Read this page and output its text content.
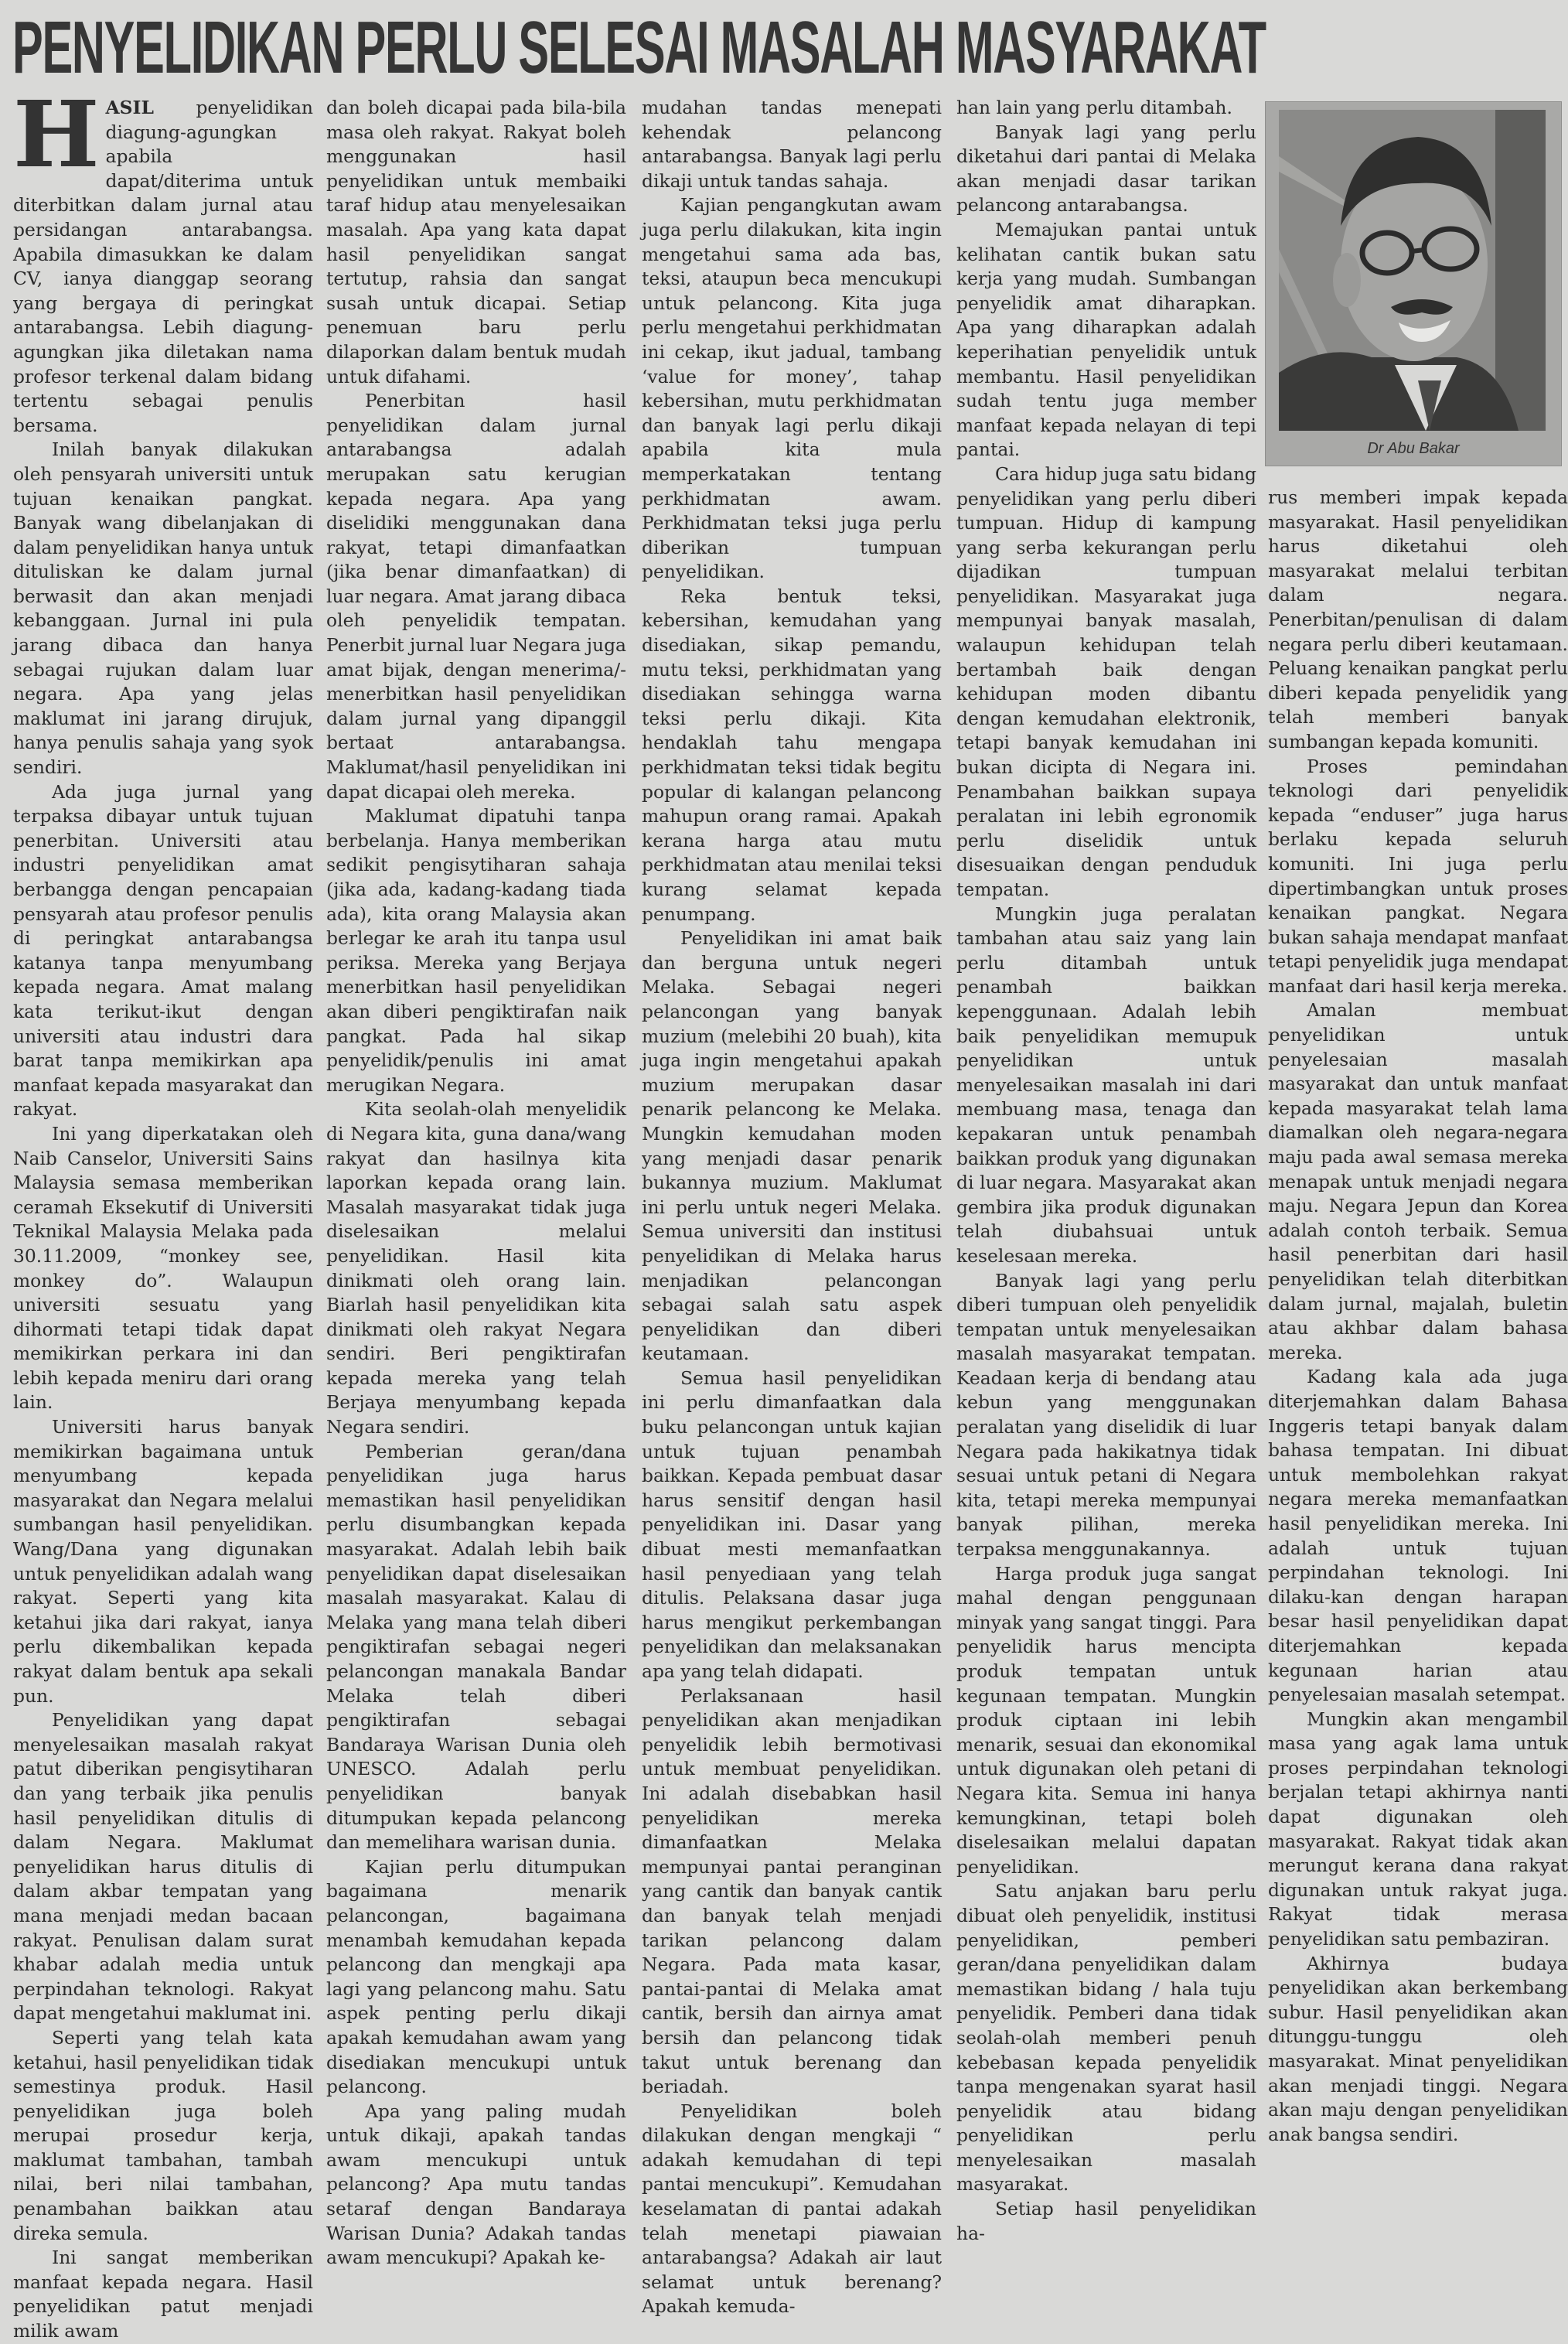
PENYELIDIKAN PERLU SELESAI MASALAH MASYARAKAT

HASIL penyelidikan diagung-agungkan apabila dapat/diterima untuk diterbitkan dalam jurnal atau persidangan antarabangsa. Apabila dimasukkan ke dalam CV, ianya dianggap seorang yang bergaya di peringkat antarabangsa. Lebih diagung-agungkan jika diletakan nama profesor terkenal dalam bidang tertentu sebagai penulis bersama.

Inilah banyak dilakukan oleh pensyarah universiti untuk tujuan kenaikan pangkat. Banyak wang dibelanjakan di dalam penyelidikan hanya untuk dituliskan ke dalam jurnal berwasit dan akan menjadi kebanggaan. Jurnal ini pula jarang dibaca dan hanya sebagai rujukan dalam luar negara. Apa yang jelas maklumat ini jarang dirujuk, hanya penulis sahaja yang syok sendiri.

Ada juga jurnal yang terpaksa dibayar untuk tujuan penerbitan. Universiti atau industri penyelidikan amat berbangga dengan pencapaian pensyarah atau profesor penulis di peringkat antarabangsa katanya tanpa menyumbang kepada negara. Amat malang kata terikut-ikut dengan universiti atau industri dara barat tanpa memikirkan apa manfaat kepada masyarakat dan rakyat.

Ini yang diperkatakan oleh Naib Canselor, Universiti Sains Malaysia semasa memberikan ceramah Eksekutif di Universiti Teknikal Malaysia Melaka pada 30.11.2009, “monkey see, monkey do”. Walaupun universiti sesuatu yang dihormati tetapi tidak dapat memikirkan perkara ini dan lebih kepada meniru dari orang lain.

Universiti harus banyak memikirkan bagaimana untuk menyumbang kepada masyarakat dan Negara melalui sumbangan hasil penyelidikan. Wang/Dana yang digunakan untuk penyelidikan adalah wang rakyat. Seperti yang kita ketahui jika dari rakyat, ianya perlu dikembalikan kepada rakyat dalam bentuk apa sekali pun.

Penyelidikan yang dapat menyelesaikan masalah rakyat patut diberikan pengisytiharan dan yang terbaik jika penulis hasil penyelidikan ditulis di dalam Negara. Maklumat penyelidikan harus ditulis di dalam akbar tempatan yang mana menjadi medan bacaan rakyat. Penulisan dalam surat khabar adalah media untuk perpindahan teknologi. Rakyat dapat mengetahui maklumat ini.

Seperti yang telah kata ketahui, hasil penyelidikan tidak semestinya produk. Hasil penyelidikan juga boleh merupai prosedur kerja, maklumat tambahan, tambah nilai, beri nilai tambahan, penambahan baikkan atau direka semula.

Ini sangat memberikan manfaat kepada negara. Hasil penyelidikan patut menjadi milik awam

dan boleh dicapai pada bila-bila masa oleh rakyat. Rakyat boleh menggunakan hasil penyelidikan untuk membaiki taraf hidup atau menyelesaikan masalah. Apa yang kata dapat hasil penyelidikan sangat tertutup, rahsia dan sangat susah untuk dicapai. Setiap penemuan baru perlu dilaporkan dalam bentuk mudah untuk difahami.

Penerbitan hasil penyelidikan dalam jurnal antarabangsa adalah merupakan satu kerugian kepada negara. Apa yang diselidiki menggunakan dana rakyat, tetapi dimanfaatkan (jika benar dimanfaatkan) di luar negara. Amat jarang dibaca oleh penyelidik tempatan. Penerbit jurnal luar Negara juga amat bijak, dengan menerima/-menerbitkan hasil penyelidikan dalam jurnal yang dipanggil bertaat antarabangsa. Maklumat/hasil penyelidikan ini dapat dicapai oleh mereka.

Maklumat dipatuhi tanpa berbelanja. Hanya memberikan sedikit pengisytiharan sahaja (jika ada, kadang-kadang tiada ada), kita orang Malaysia akan berlegar ke arah itu tanpa usul periksa. Mereka yang Berjaya menerbitkan hasil penyelidikan akan diberi pengiktirafan naik pangkat. Pada hal sikap penyelidik/penulis ini amat merugikan Negara.

Kita seolah-olah menyelidik di Negara kita, guna dana/wang rakyat dan hasilnya kita laporkan kepada orang lain. Masalah masyarakat tidak juga diselesaikan melalui penyelidikan. Hasil kita dinikmati oleh orang lain. Biarlah hasil penyelidikan kita dinikmati oleh rakyat Negara sendiri. Beri pengiktirafan kepada mereka yang telah Berjaya menyumbang kepada Negara sendiri.

Pemberian geran/dana penyelidikan juga harus memastikan hasil penyelidikan perlu disumbangkan kepada masyarakat. Adalah lebih baik penyelidikan dapat diselesaikan masalah masyarakat. Kalau di Melaka yang mana telah diberi pengiktirafan sebagai negeri pelancongan manakala Bandar Melaka telah diberi pengiktirafan sebagai Bandaraya Warisan Dunia oleh UNESCO. Adalah perlu penyelidikan banyak ditumpukan kepada pelancong dan memelihara warisan dunia.

Kajian perlu ditumpukan bagaimana menarik pelancongan, bagaimana menambah kemudahan kepada pelancong dan mengkaji apa lagi yang pelancong mahu. Satu aspek penting perlu dikaji apakah kemudahan awam yang disediakan mencukupi untuk pelancong.

Apa yang paling mudah untuk dikaji, apakah tandas awam mencukupi untuk pelancong? Apa mutu tandas setaraf dengan Bandaraya Warisan Dunia? Adakah tandas awam mencukupi? Apakah ke-

mudahan tandas menepati kehendak pelancong antarabangsa. Banyak lagi perlu dikaji untuk tandas sahaja.

Kajian pengangkutan awam juga perlu dilakukan, kita ingin mengetahui sama ada bas, teksi, ataupun beca mencukupi untuk pelancong. Kita juga perlu mengetahui perkhidmatan ini cekap, ikut jadual, tambang ‘value for money’, tahap kebersihan, mutu perkhidmatan dan banyak lagi perlu dikaji apabila kita mula memperkatakan tentang perkhidmatan awam. Perkhidmatan teksi juga perlu diberikan tumpuan penyelidikan.

Reka bentuk teksi, kebersihan, kemudahan yang disediakan, sikap pemandu, mutu teksi, perkhidmatan yang disediakan sehingga warna teksi perlu dikaji. Kita hendaklah tahu mengapa perkhidmatan teksi tidak begitu popular di kalangan pelancong mahupun orang ramai. Apakah kerana harga atau mutu perkhidmatan atau menilai teksi kurang selamat kepada penumpang.

Penyelidikan ini amat baik dan berguna untuk negeri Melaka. Sebagai negeri pelancongan yang banyak muzium (melebihi 20 buah), kita juga ingin mengetahui apakah muzium merupakan dasar penarik pelancong ke Melaka. Mungkin kemudahan moden yang menjadi dasar penarik bukannya muzium. Maklumat ini perlu untuk negeri Melaka. Semua universiti dan institusi penyelidikan di Melaka harus menjadikan pelancongan sebagai salah satu aspek penyelidikan dan diberi keutamaan.

Semua hasil penyelidikan ini perlu dimanfaatkan dala buku pelancongan untuk kajian untuk tujuan penambah baikkan. Kepada pembuat dasar harus sensitif dengan hasil penyelidikan ini. Dasar yang dibuat mesti memanfaatkan hasil penyediaan yang telah ditulis. Pelaksana dasar juga harus mengikut perkembangan penyelidikan dan melaksanakan apa yang telah didapati.

Perlaksanaan hasil penyelidikan akan menjadikan penyelidik lebih bermotivasi untuk membuat penyelidikan. Ini adalah disebabkan hasil penyelidikan mereka dimanfaatkan Melaka mempunyai pantai peranginan yang cantik dan banyak cantik dan banyak telah menjadi tarikan pelancong dalam Negara. Pada mata kasar, pantai-pantai di Melaka amat cantik, bersih dan airnya amat bersih dan pelancong tidak takut untuk berenang dan beriadah.

Penyelidikan boleh dilakukan dengan mengkaji “ adakah kemudahan di tepi pantai mencukupi”. Kemudahan keselamatan di pantai adakah telah menetapi piawaian antarabangsa? Adakah air laut selamat untuk berenang? Apakah kemuda-

han lain yang perlu ditambah.

Banyak lagi yang perlu diketahui dari pantai di Melaka akan menjadi dasar tarikan pelancong antarabangsa.

Memajukan pantai untuk kelihatan cantik bukan satu kerja yang mudah. Sumbangan penyelidik amat diharapkan. Apa yang diharapkan adalah keperihatian penyelidik untuk membantu. Hasil penyelidikan sudah tentu juga member manfaat kepada nelayan di tepi pantai.

Cara hidup juga satu bidang penyelidikan yang perlu diberi tumpuan. Hidup di kampung yang serba kekurangan perlu dijadikan tumpuan penyelidikan. Masyarakat juga mempunyai banyak masalah, walaupun kehidupan telah bertambah baik dengan kehidupan moden dibantu dengan kemudahan elektronik, tetapi banyak kemudahan ini bukan dicipta di Negara ini. Penambahan baikkan supaya peralatan ini lebih egronomik perlu diselidik untuk disesuaikan dengan penduduk tempatan.

Mungkin juga peralatan tambahan atau saiz yang lain perlu ditambah untuk penambah baikkan kepenggunaan. Adalah lebih baik penyelidikan memupuk penyelidikan untuk menyelesaikan masalah ini dari membuang masa, tenaga dan kepakaran untuk penambah baikkan produk yang digunakan di luar negara. Masyarakat akan gembira jika produk digunakan telah diubahsuai untuk keselesaan mereka.

Banyak lagi yang perlu diberi tumpuan oleh penyelidik tempatan untuk menyelesaikan masalah masyarakat tempatan. Keadaan kerja di bendang atau kebun yang menggunakan peralatan yang diselidik di luar Negara pada hakikatnya tidak sesuai untuk petani di Negara kita, tetapi mereka mempunyai banyak pilihan, mereka terpaksa menggunakannya.

Harga produk juga sangat mahal dengan penggunaan minyak yang sangat tinggi. Para penyelidik harus mencipta produk tempatan untuk kegunaan tempatan. Mungkin produk ciptaan ini lebih menarik, sesuai dan ekonomikal untuk digunakan oleh petani di Negara kita. Semua ini hanya kemungkinan, tetapi boleh diselesaikan melalui dapatan penyelidikan.

Satu anjakan baru perlu dibuat oleh penyelidik, institusi penyelidikan, pemberi geran/dana penyelidikan dalam memastikan bidang / hala tuju penyelidik. Pemberi dana tidak seolah-olah memberi penuh kebebasan kepada penyelidik tanpa mengenakan syarat hasil penyelidik atau bidang penyelidikan perlu menyelesaikan masalah masyarakat.

Setiap hasil penyelidikan ha-

Dr Abu Bakar

rus memberi impak kepada masyarakat. Hasil penyelidikan harus diketahui oleh masyarakat melalui terbitan dalam negara. Penerbitan/penulisan di dalam negara perlu diberi keutamaan. Peluang kenaikan pangkat perlu diberi kepada penyelidik yang telah memberi banyak sumbangan kepada komuniti.

Proses pemindahan teknologi dari penyelidik kepada “enduser” juga harus berlaku kepada seluruh komuniti. Ini juga perlu dipertimbangkan untuk proses kenaikan pangkat. Negara bukan sahaja mendapat manfaat tetapi penyelidik juga mendapat manfaat dari hasil kerja mereka.

Amalan membuat penyelidikan untuk penyelesaian masalah masyarakat dan untuk manfaat kepada masyarakat telah lama diamalkan oleh negara-negara maju pada awal semasa mereka menapak untuk menjadi negara maju. Negara Jepun dan Korea adalah contoh terbaik. Semua hasil penerbitan dari hasil penyelidikan telah diterbitkan dalam jurnal, majalah, buletin atau akhbar dalam bahasa mereka.

Kadang kala ada juga diterjemahkan dalam Bahasa Inggeris tetapi banyak dalam bahasa tempatan. Ini dibuat untuk membolehkan rakyat negara mereka memanfaatkan hasil penyelidikan mereka. Ini adalah untuk tujuan perpindahan teknologi. Ini dilaku-kan dengan harapan besar hasil penyelidikan dapat diterjemahkan kepada kegunaan harian atau penyelesaian masalah setempat.

Mungkin akan mengambil masa yang agak lama untuk proses perpindahan teknologi berjalan tetapi akhirnya nanti dapat digunakan oleh masyarakat. Rakyat tidak akan merungut kerana dana rakyat digunakan untuk rakyat juga. Rakyat tidak merasa penyelidikan satu pembaziran.

Akhirnya budaya penyelidikan akan berkembang subur. Hasil penyelidikan akan ditunggu-tunggu oleh masyarakat. Minat penyelidikan akan menjadi tinggi. Negara akan maju dengan penyelidikan anak bangsa sendiri.
